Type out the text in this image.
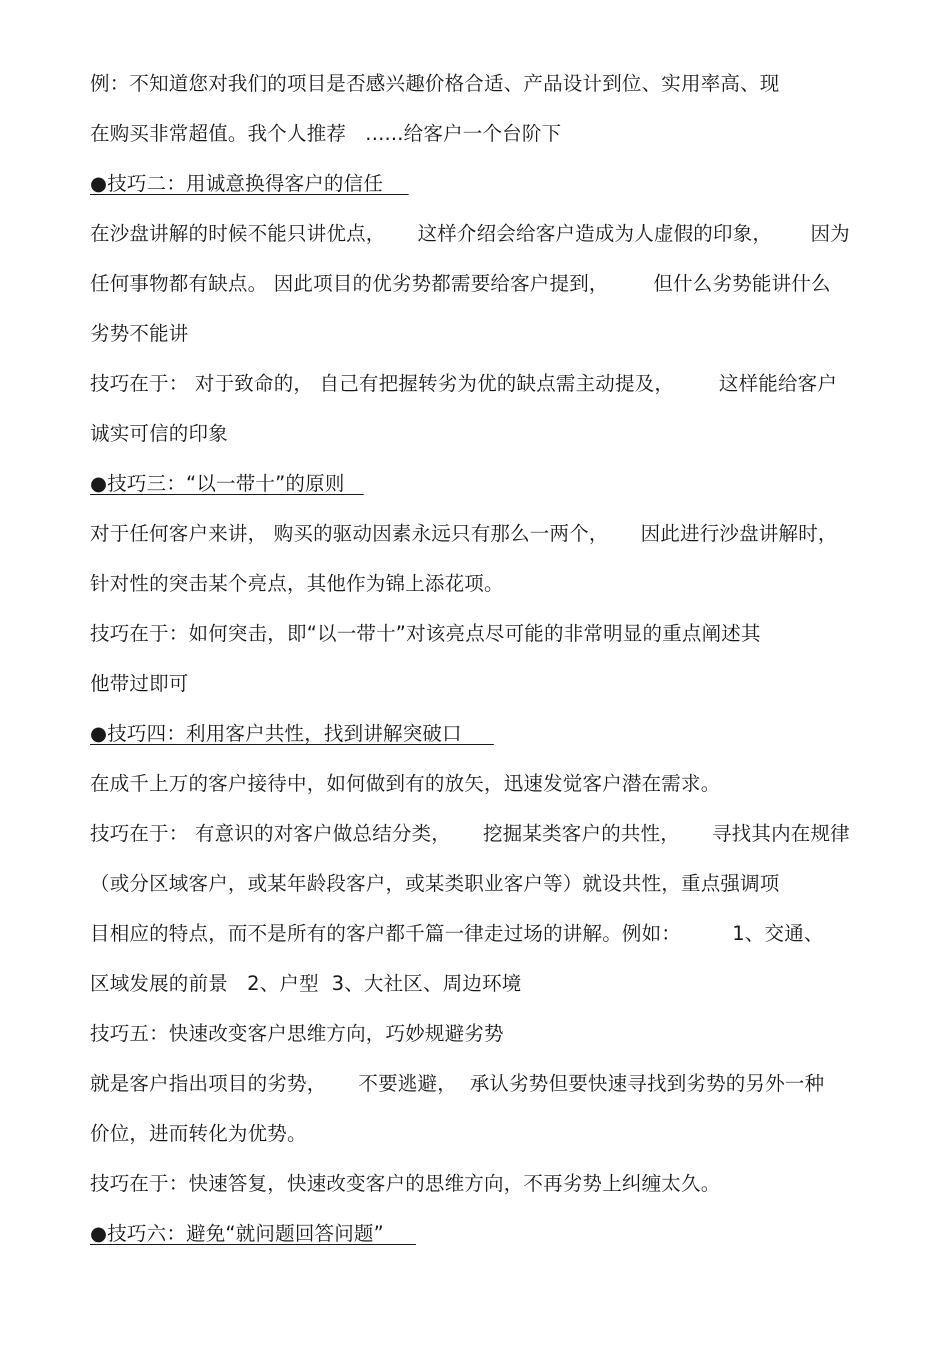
例：不知道您对我们的项目是否感兴趣价格合适、产品设计到位、实用率高、现
在购买非常超值。我个人推荐   ......给客户一个台阶下
●技巧二：用诚意换得客户的信任
在沙盘讲解的时候不能只讲优点，     这样介绍会给客户造成为人虚假的印象，      因为
任何事物都有缺点。 因此项目的优劣势都需要给客户提到，       但什么劣势能讲什么
劣势不能讲
技巧在于： 对于致命的， 自己有把握转劣为优的缺点需主动提及，       这样能给客户
诚实可信的印象
●技巧三：“以一带十”的原则
对于任何客户来讲， 购买的驱动因素永远只有那么一两个，     因此进行沙盘讲解时，
针对性的突击某个亮点，其他作为锦上添花项。
技巧在于：如何突击，即“以一带十”对该亮点尽可能的非常明显的重点阐述其
他带过即可
●技巧四：利用客户共性，找到讲解突破口
在成千上万的客户接待中，如何做到有的放矢，迅速发觉客户潜在需求。
技巧在于： 有意识的对客户做总结分类，     挖掘某类客户的共性，     寻找其内在规律
（或分区域客户，或某年龄段客户，或某类职业客户等）就设共性，重点强调项
目相应的特点，而不是所有的客户都千篇一律走过场的讲解。例如：        1、交通、
区域发展的前景   2、户型  3、大社区、周边环境
技巧五：快速改变客户思维方向，巧妙规避劣势
就是客户指出项目的劣势，     不要逃避，  承认劣势但要快速寻找到劣势的另外一种
价位，进而转化为优势。
技巧在于：快速答复，快速改变客户的思维方向，不再劣势上纠缠太久。
●技巧六：避免“就问题回答问题”
